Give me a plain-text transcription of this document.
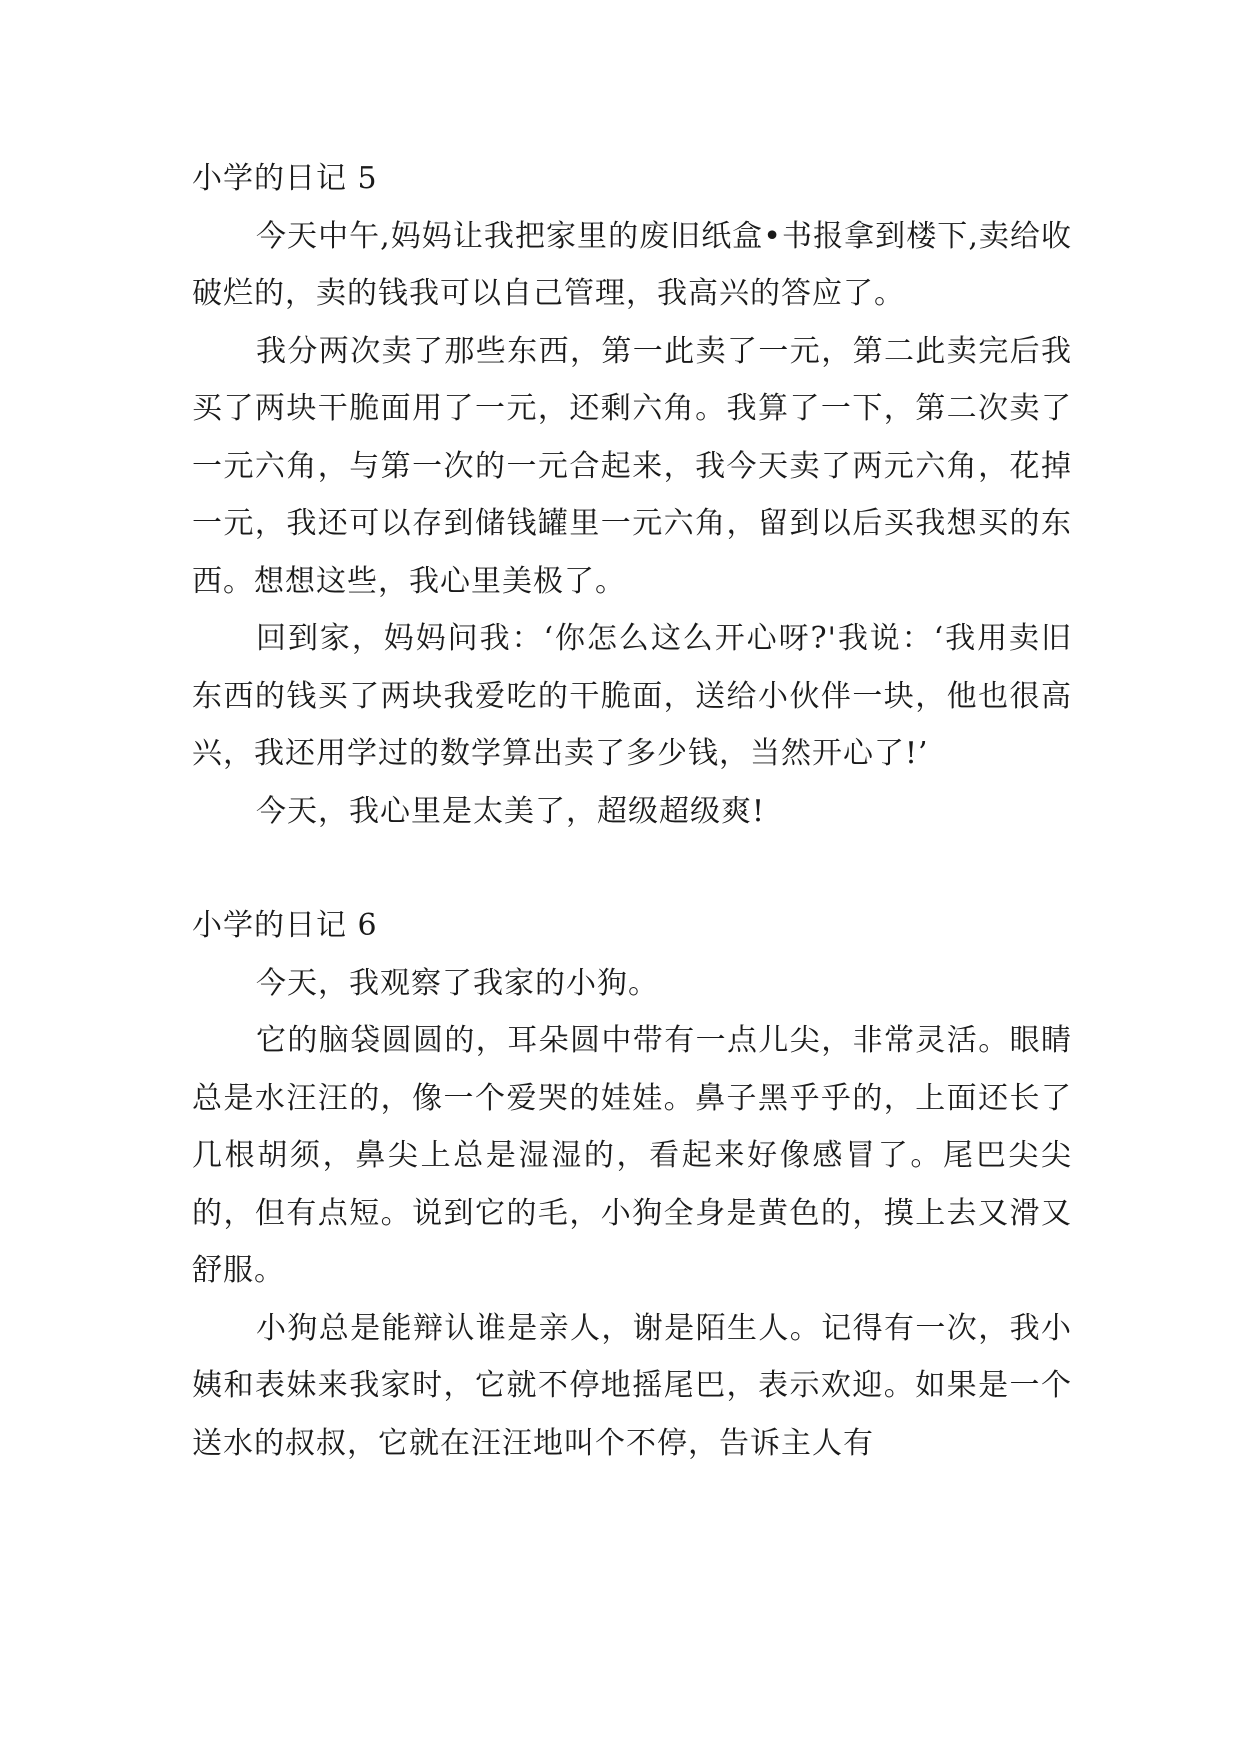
小学的日记 5

今天中午,妈妈让我把家里的废旧纸盒•书报拿到楼下,卖给收破烂的，卖的钱我可以自己管理，我高兴的答应了。

我分两次卖了那些东西，第一此卖了一元，第二此卖完后我买了两块干脆面用了一元，还剩六角。我算了一下，第二次卖了一元六角，与第一次的一元合起来，我今天卖了两元六角，花掉一元，我还可以存到储钱罐里一元六角，留到以后买我想买的东西。想想这些，我心里美极了。

回到家，妈妈问我：‘你怎么这么开心呀?'我说：‘我用卖旧东西的钱买了两块我爱吃的干脆面，送给小伙伴一块，他也很高兴，我还用学过的数学算出卖了多少钱，当然开心了!’

今天，我心里是太美了，超级超级爽!

小学的日记 6

今天，我观察了我家的小狗。

它的脑袋圆圆的，耳朵圆中带有一点儿尖，非常灵活。眼睛总是水汪汪的，像一个爱哭的娃娃。鼻子黑乎乎的，上面还长了几根胡须，鼻尖上总是湿湿的，看起来好像感冒了。尾巴尖尖的，但有点短。说到它的毛，小狗全身是黄色的，摸上去又滑又舒服。

小狗总是能辩认谁是亲人，谢是陌生人。记得有一次，我小姨和表妹来我家时，它就不停地摇尾巴，表示欢迎。如果是一个送水的叔叔，它就在汪汪地叫个不停，告诉主人有
